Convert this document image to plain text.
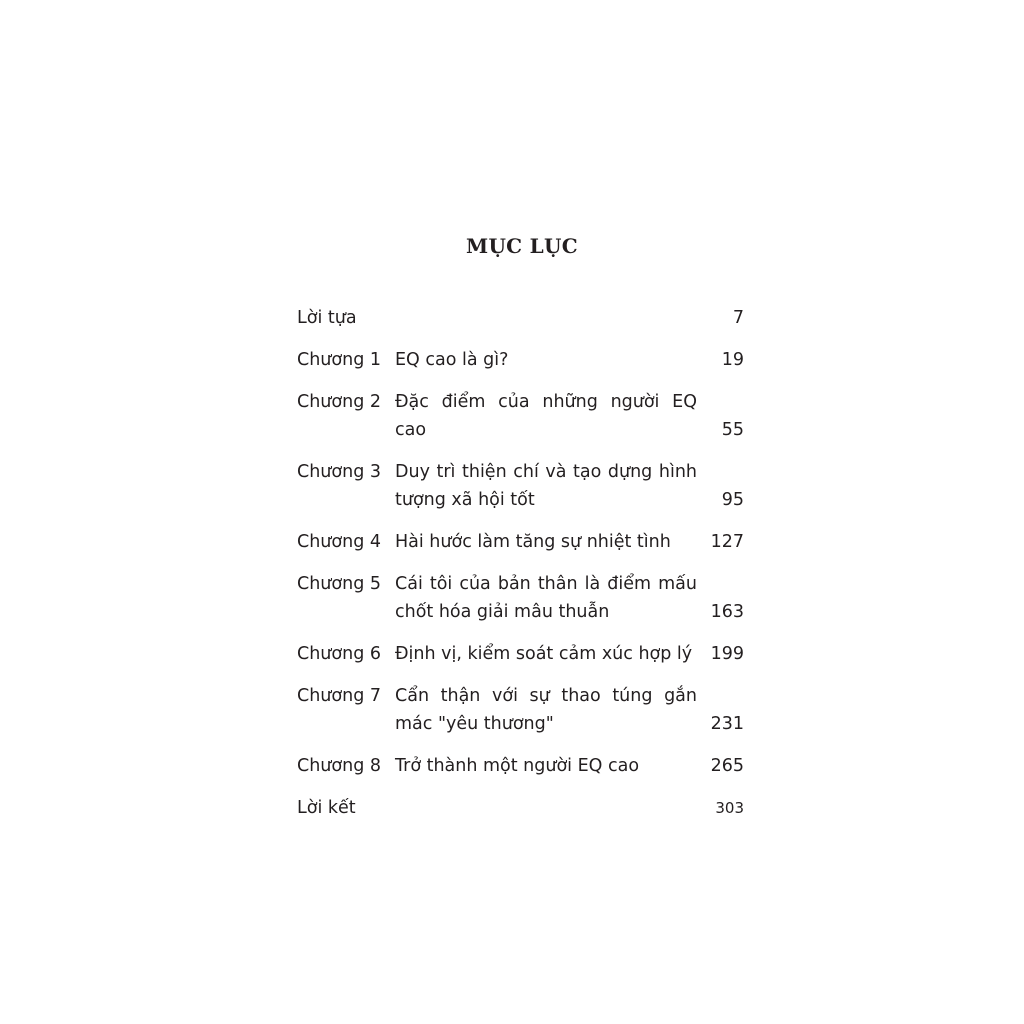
MỤC LỤC
Lời tựa	7
Chương 1 EQ cao là gì?	19
Chương 2 Đặc điểm của những người EQ cao	55
Chương 3 Duy trì thiện chí và tạo dựng hình tượng xã hội tốt	95
Chương 4 Hài hước làm tăng sự nhiệt tình	127
Chương 5 Cái tôi của bản thân là điểm mấu chốt hóa giải mâu thuẫn	163
Chương 6 Định vị, kiểm soát cảm xúc hợp lý 199
Chương 7 Cẩn thận với sự thao túng gắn mác "yêu thương"	231
Chương 8 Trở thành một người EQ cao	265
Lời kết	303
